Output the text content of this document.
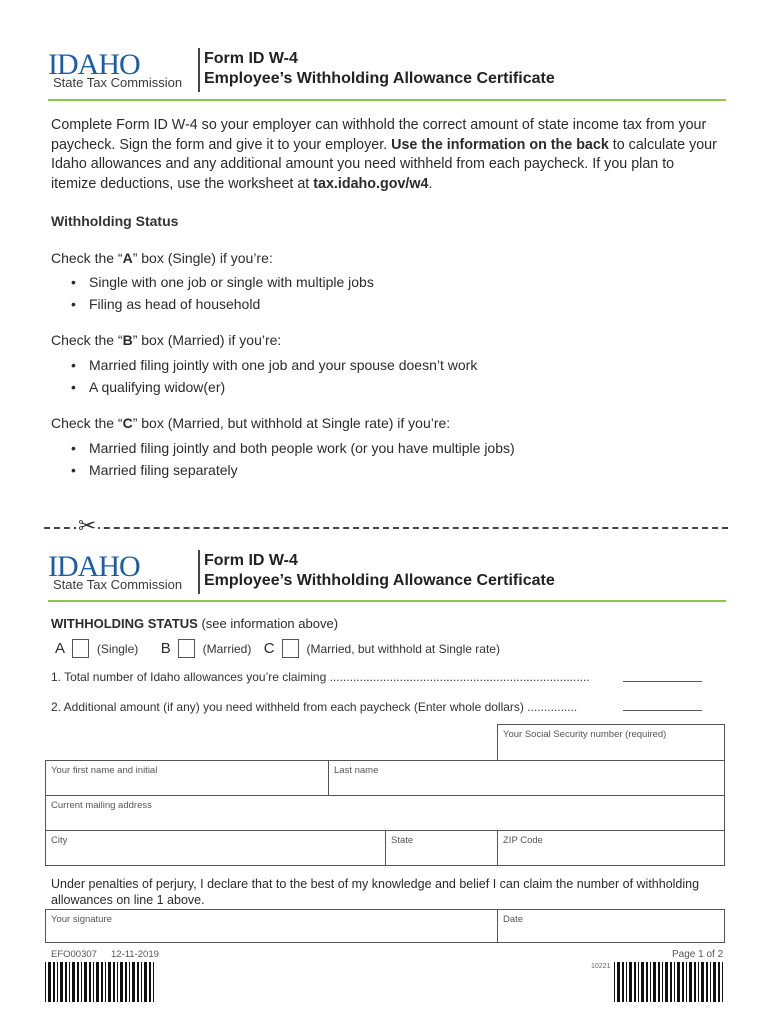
IDAHO
State Tax Commission
Form ID W-4
Employee’s Withholding Allowance Certificate
Complete Form ID W-4 so your employer can withhold the correct amount of state income tax from your paycheck. Sign the form and give it to your employer. Use the information on the back to calculate your Idaho allowances and any additional amount you need withheld from each paycheck. If you plan to itemize deductions, use the worksheet at tax.idaho.gov/w4.
Withholding Status
Check the “A” box (Single) if you’re:
• Single with one job or single with multiple jobs
• Filing as head of household
Check the “B” box (Married) if you’re:
• Married filing jointly with one job and your spouse doesn’t work
• A qualifying widow(er)
Check the “C” box (Married, but withhold at Single rate) if you’re:
• Married filing jointly and both people work (or you have multiple jobs)
• Married filing separately
✂
IDAHO
State Tax Commission
Form ID W-4
Employee’s Withholding Allowance Certificate
WITHHOLDING STATUS (see information above)
A	(Single) B	(Married) C	(Married, but withhold at Single rate)
1. Total number of Idaho allowances you’re claiming ..............................................................................
2. Additional amount (if any) you need withheld from each paycheck (Enter whole dollars) ...............
Your Social Security number (required)
Your first name and initial	Last name
Current mailing address
City	State	ZIP Code
Under penalties of perjury, I declare that to the best of my knowledge and belief I can claim the number of withholding allowances on line 1 above.
Your signature	Date
EFO00307 12-11-2019	Page 1 of 2
10221
